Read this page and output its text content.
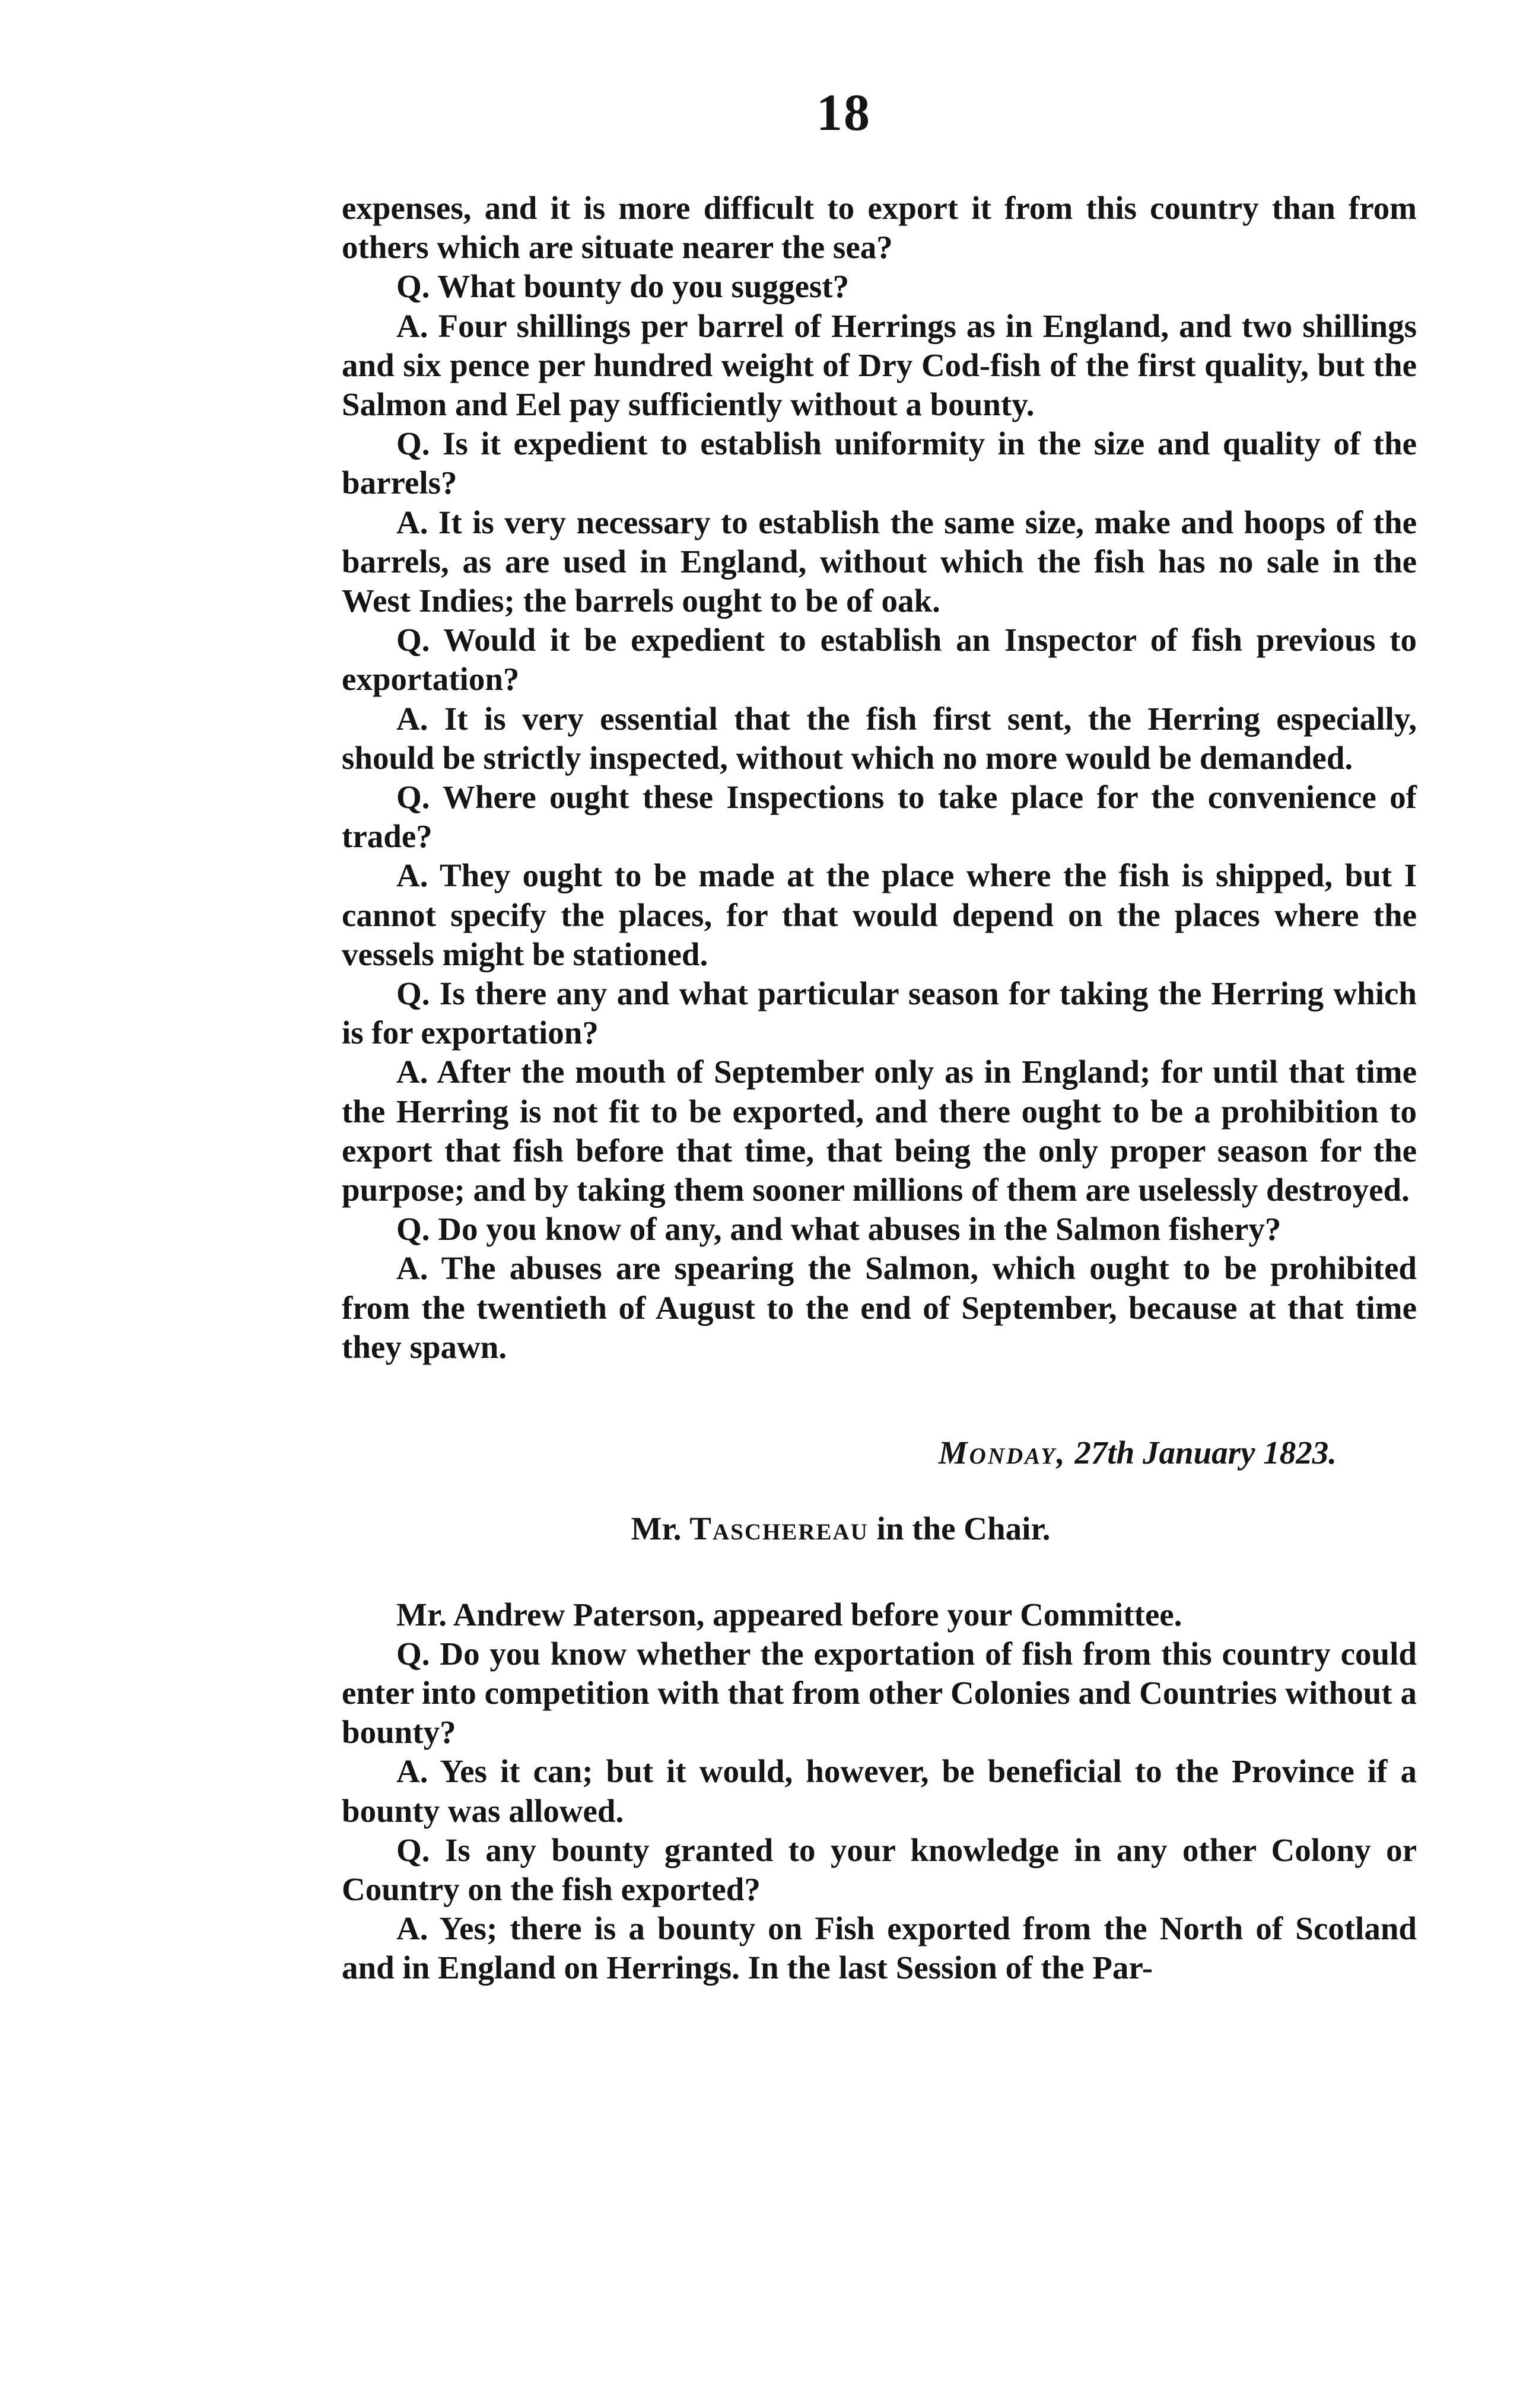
18

expenses, and it is more difficult to export it from this country than from others which are situate nearer the sea?

Q. What bounty do you suggest?

A. Four shillings per barrel of Herrings as in England, and two shillings and six pence per hundred weight of Dry Cod-fish of the first quality, but the Salmon and Eel pay sufficiently without a bounty.

Q. Is it expedient to establish uniformity in the size and quality of the barrels?

A. It is very necessary to establish the same size, make and hoops of the barrels, as are used in England, without which the fish has no sale in the West Indies; the barrels ought to be of oak.

Q. Would it be expedient to establish an Inspector of fish previous to exportation?

A. It is very essential that the fish first sent, the Herring especially, should be strictly inspected, without which no more would be demanded.

Q. Where ought these Inspections to take place for the convenience of trade?

A. They ought to be made at the place where the fish is shipped, but I cannot specify the places, for that would depend on the places where the vessels might be stationed.

Q. Is there any and what particular season for taking the Herring which is for exportation?

A. After the mouth of September only as in England; for until that time the Herring is not fit to be exported, and there ought to be a prohibition to export that fish before that time, that being the only proper season for the purpose; and by taking them sooner millions of them are uselessly destroyed.

Q. Do you know of any, and what abuses in the Salmon fishery?

A. The abuses are spearing the Salmon, which ought to be prohibited from the twentieth of August to the end of September, because at that time they spawn.

Monday, 27th January 1823.

Mr. Taschereau in the Chair.

Mr. Andrew Paterson, appeared before your Committee.

Q. Do you know whether the exportation of fish from this country could enter into competition with that from other Colonies and Countries without a bounty?

A. Yes it can; but it would, however, be beneficial to the Province if a bounty was allowed.

Q. Is any bounty granted to your knowledge in any other Colony or Country on the fish exported?

A. Yes; there is a bounty on Fish exported from the North of Scotland and in England on Herrings. In the last Session of the Par-
